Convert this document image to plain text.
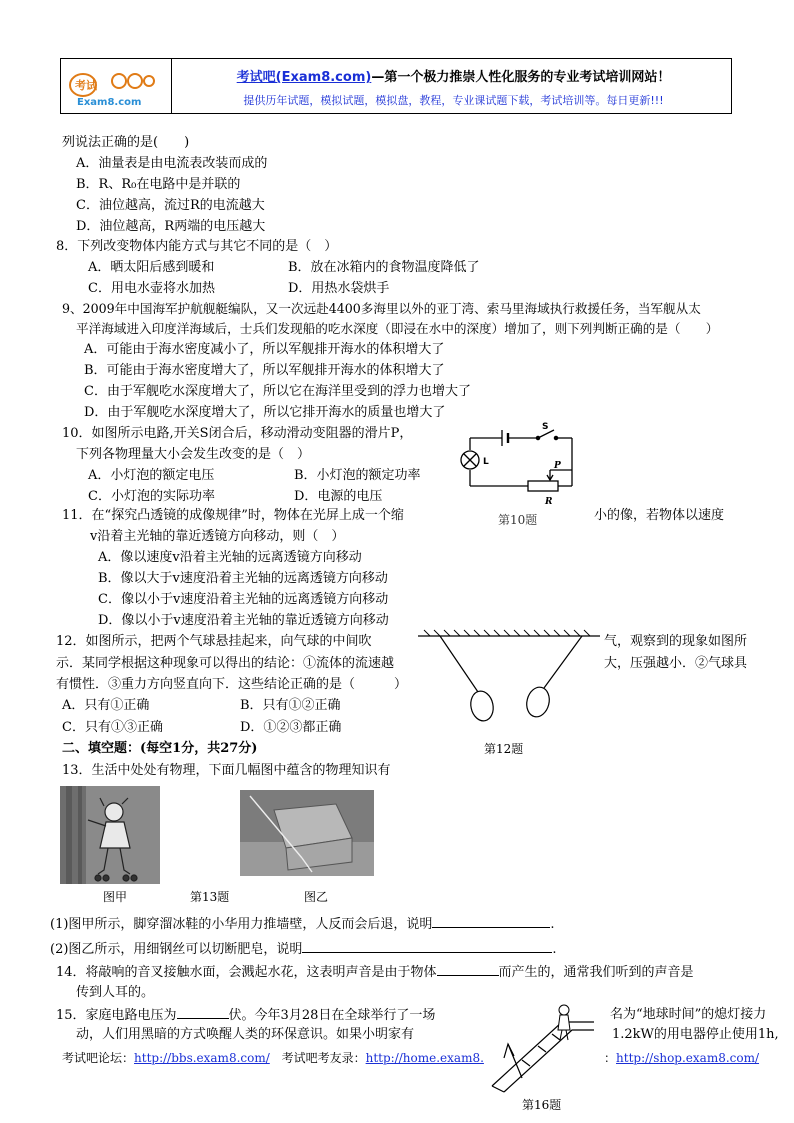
考试
Exam8.com
考试吧(Exam8.com)—第一个极力推崇人性化服务的专业考试培训网站！
提供历年试题，模拟试题，模拟盘，教程，专业课试题下载，考试培训等。每日更新!!!
列说法正确的是(　　)
A．油量表是由电流表改装而成的
B．R、R₀在电路中是并联的
C．油位越高，流过R的电流越大
D．油位越高，R两端的电压越大
8．下列改变物体内能方式与其它不同的是（　）
A．晒太阳后感到暖和	B．放在冰箱内的食物温度降低了
C．用电水壶将水加热	D．用热水袋烘手
9、2009年中国海军护航舰艇编队，又一次远赴4400多海里以外的亚丁湾、索马里海域执行救援任务，当军舰从太
平洋海域进入印度洋海域后，士兵们发现船的吃水深度（即浸在水中的深度）增加了，则下列判断正确的是（　　）
A．可能由于海水密度减小了，所以军舰排开海水的体积增大了
B．可能由于海水密度增大了，所以军舰排开海水的体积增大了
C．由于军舰吃水深度增大了，所以它在海洋里受到的浮力也增大了
D．由于军舰吃水深度增大了，所以它排开海水的质量也增大了
10．如图所示电路,开关S闭合后，移动滑动变阻器的滑片P，
下列各物理量大小会发生改变的是（　）
A．小灯泡的额定电压	B．小灯泡的额定功率
C．小灯泡的实际功率	D．电源的电压
S
L	P
R
11．在“探究凸透镜的成像规律”时，物体在光屏上成一个缩	第10题	小的像，若物体以速度
v沿着主光轴的靠近透镜方向移动，则（　）
A．像以速度v沿着主光轴的远离透镜方向移动
B．像以大于v速度沿着主光轴的远离透镜方向移动
C．像以小于v速度沿着主光轴的远离透镜方向移动
D．像以小于v速度沿着主光轴的靠近透镜方向移动
12．如图所示，把两个气球悬挂起来，向气球的中间吹	气，观察到的现象如图所
示．某同学根据这种现象可以得出的结论：①流体的流速越	大，压强越小．②气球具
有惯性．③重力方向竖直向下．这些结论正确的是（　　　）
A．只有①正确	B．只有①②正确
C．只有①③正确	D．①②③都正确
第12题
二、填空题：(每空1分，共27分)
13．生活中处处有物理，下面几幅图中蕴含的物理知识有
图甲	第13题	图乙
(1)图甲所示，脚穿溜冰鞋的小华用力推墙壁，人反而会后退，说明	.
(2)图乙所示，用细钢丝可以切断肥皂，说明	.
14．将敲响的音叉接触水面，会溅起水花，这表明声音是由于物体	而产生的，通常我们听到的声音是
传到人耳的。
15．家庭电路电压为	伏。今年3月28日在全球举行了一场	名为“地球时间”的熄灯接力
动，人们用黑暗的方式唤醒人类的环保意识。如果小明家有	1.2kW的用电器停止使用1h,
第16题
考试吧论坛：http://bbs.exam8.com/ 考试吧考友录：http://home.exam8.	：http://shop.exam8.com/
